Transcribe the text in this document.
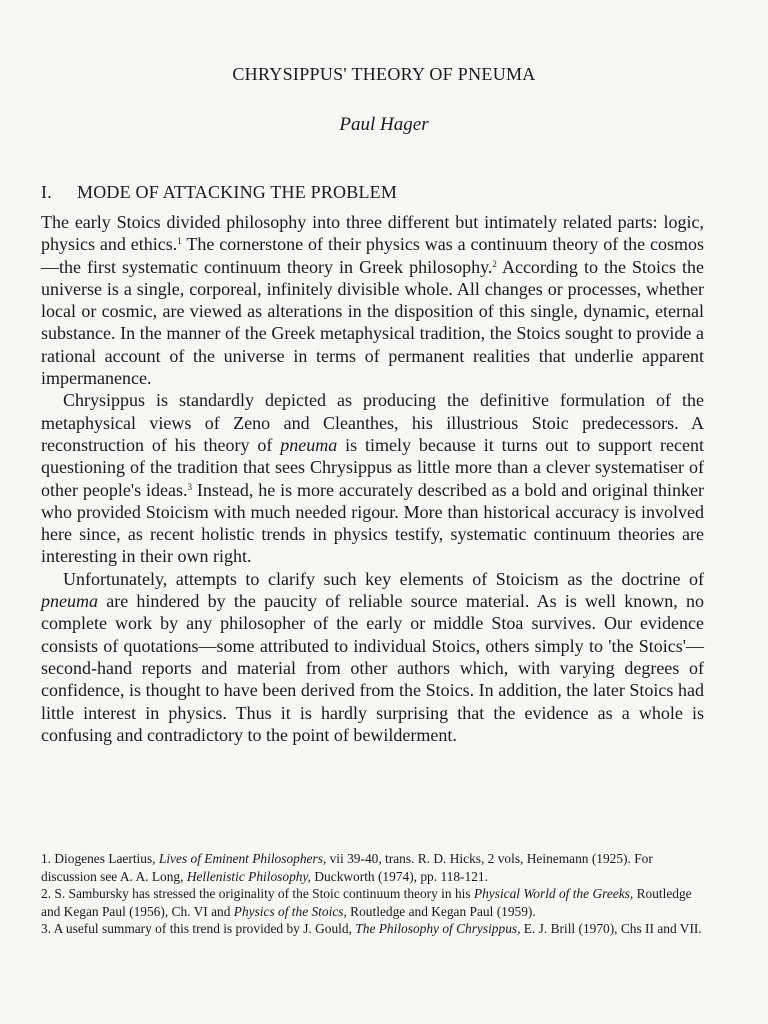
CHRYSIPPUS' THEORY OF PNEUMA

Paul Hager

I. MODE OF ATTACKING THE PROBLEM

The early Stoics divided philosophy into three different but intimately related parts: logic, physics and ethics.$^1$ The cornerstone of their physics was a continuum theory of the cosmos—the first systematic continuum theory in Greek philosophy.$^2$ According to the Stoics the universe is a single, corporeal, infinitely divisible whole. All changes or processes, whether local or cosmic, are viewed as alterations in the disposition of this single, dynamic, eternal substance. In the manner of the Greek metaphysical tradition, the Stoics sought to provide a rational account of the universe in terms of permanent realities that underlie apparent impermanence.

Chrysippus is standardly depicted as producing the definitive formulation of the metaphysical views of Zeno and Cleanthes, his illustrious Stoic predecessors. A reconstruction of his theory of pneuma is timely because it turns out to support recent questioning of the tradition that sees Chrysippus as little more than a clever systematiser of other people's ideas.$^3$ Instead, he is more accurately described as a bold and original thinker who provided Stoicism with much needed rigour. More than historical accuracy is involved here since, as recent holistic trends in physics testify, systematic continuum theories are interesting in their own right.

Unfortunately, attempts to clarify such key elements of Stoicism as the doctrine of pneuma are hindered by the paucity of reliable source material. As is well known, no complete work by any philosopher of the early or middle Stoa survives. Our evidence consists of quotations—some attributed to individual Stoics, others simply to 'the Stoics'—second-hand reports and material from other authors which, with varying degrees of confidence, is thought to have been derived from the Stoics. In addition, the later Stoics had little interest in physics. Thus it is hardly surprising that the evidence as a whole is confusing and contradictory to the point of bewilderment.

1. Diogenes Laertius, Lives of Eminent Philosophers, vii 39-40, trans. R. D. Hicks, 2 vols, Heinemann (1925). For discussion see A. A. Long, Hellenistic Philosophy, Duckworth (1974), pp. 118-121.

2. S. Sambursky has stressed the originality of the Stoic continuum theory in his Physical World of the Greeks, Routledge and Kegan Paul (1956), Ch. VI and Physics of the Stoics, Routledge and Kegan Paul (1959).

3. A useful summary of this trend is provided by J. Gould, The Philosophy of Chrysippus, E. J. Brill (1970), Chs II and VII.
